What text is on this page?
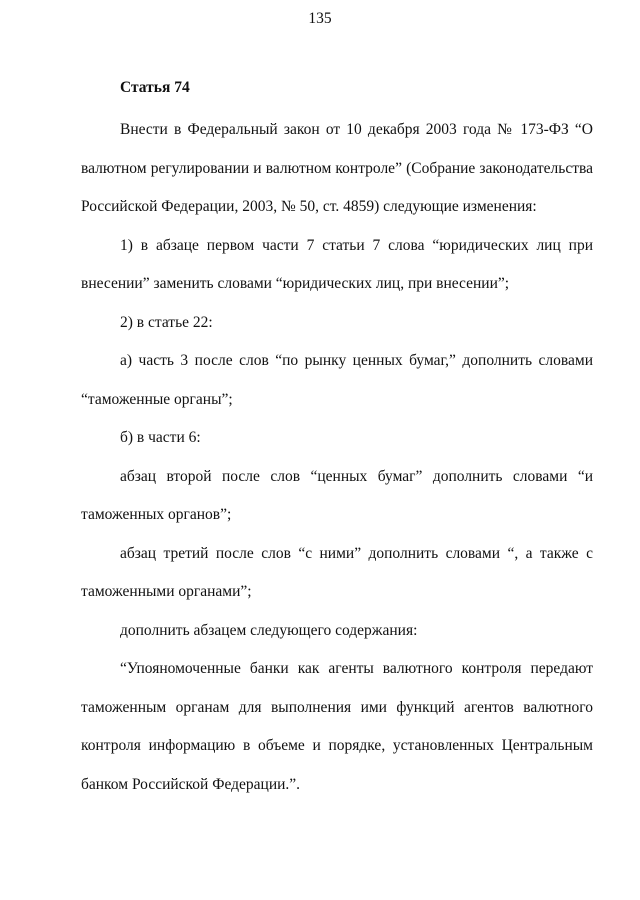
135
Статья 74
Внести в Федеральный закон от 10 декабря 2003 года № 173-ФЗ “О
валютном регулировании и валютном контроле” (Собрание законодательства
Российской Федерации, 2003, № 50, ст. 4859) следующие изменения:
1) в абзаце первом части 7 статьи 7 слова “юридических лиц при
внесении” заменить словами “юридических лиц, при внесении”;
2) в статье 22:
а) часть 3 после слов “по рынку ценных бумаг,” дополнить словами
“таможенные органы”;
б) в части 6:
абзац второй после слов “ценных бумаг” дополнить словами “и
таможенных органов”;
абзац третий после слов “с ними” дополнить словами “, а также с
таможенными органами”;
дополнить абзацем следующего содержания:
“Упояномоченные банки как агенты валютного контроля передают
таможенным органам для выполнения ими функций агентов валютного
контроля информацию в объеме и порядке, установленных Центральным
банком Российской Федерации.”.
